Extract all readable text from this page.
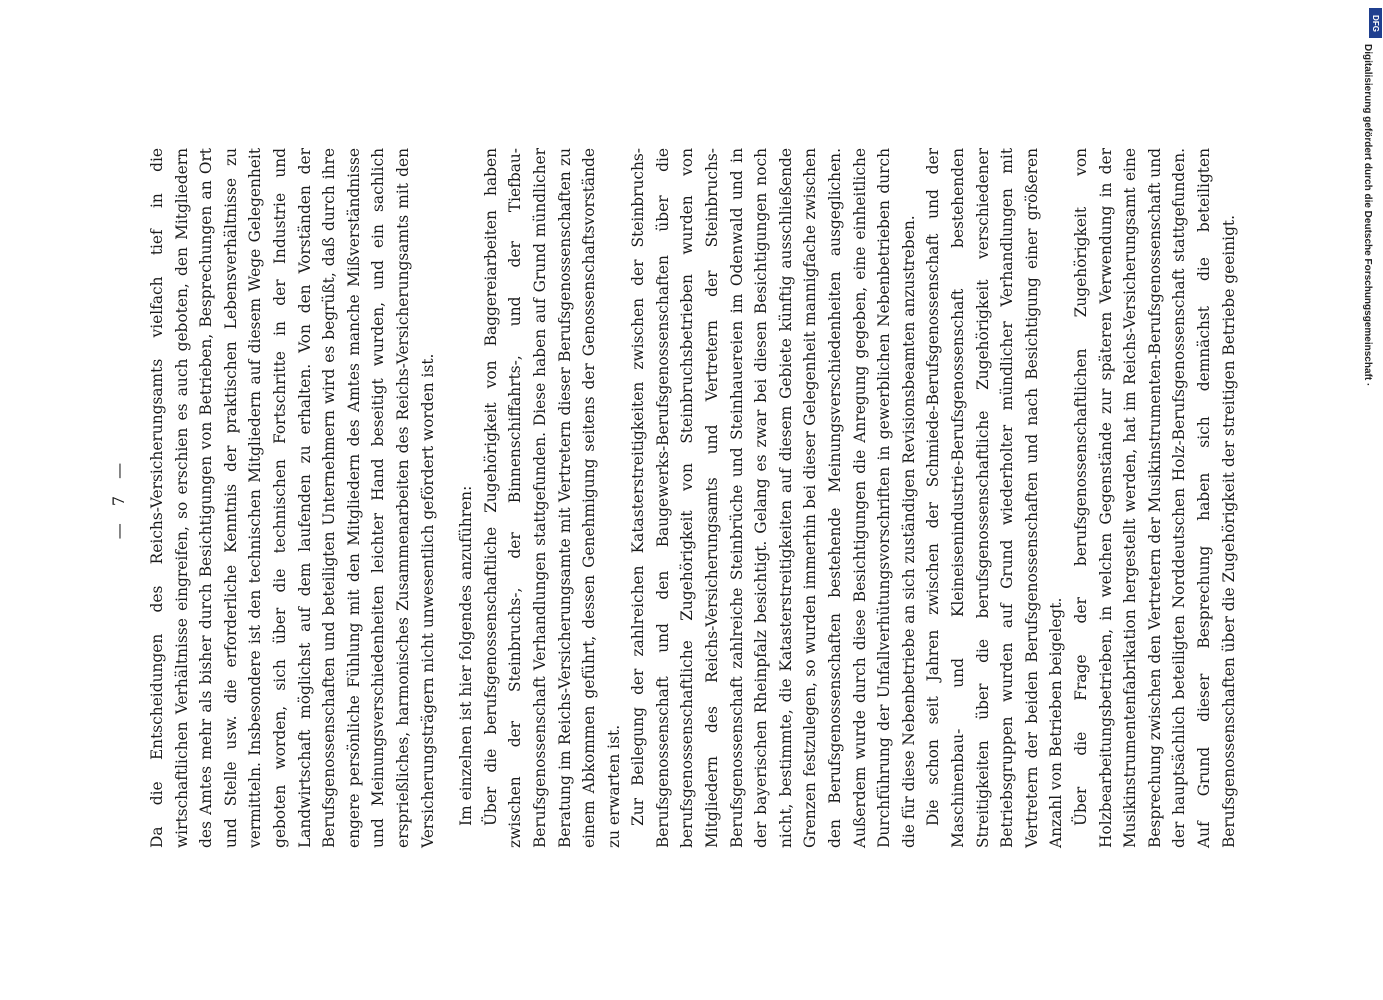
— 7 — Da die Entscheidungen des Reichs-Versicherungsamts vielfach tief in die wirtschaftlichen Verhältnisse eingreifen, so erschien es auch geboten, den Mitgliedern des Amtes mehr als bisher durch Besichtigungen von Betrieben, Besprechungen an Ort und Stelle usw. die erforderliche Kenntnis der praktischen Lebensverhältnisse zu vermitteln. Insbesondere ist den technischen Mitgliedern auf diesem Wege Gelegenheit geboten worden, sich über die technischen Fortschritte in der Industrie und Landwirtschaft möglichst auf dem laufenden zu erhalten. Von den Vorständen der Berufsgenossenschaften und beteiligten Unternehmern wird es begrüßt, daß durch ihre engere persönliche Fühlung mit den Mitgliedern des Amtes manche Mißverständnisse und Meinungsverschiedenheiten leichter Hand beseitigt wurden, und ein sachlich ersprießliches, harmonisches Zusammenarbeiten des Reichs-Versicherungsamts mit den Versicherungsträgern nicht unwesentlich gefördert worden ist. Im einzelnen ist hier folgendes anzuführen: Über die berufsgenossenschaftliche Zugehörigkeit von Baggereiarbeiten haben zwischen der Steinbruchs-, der Binnenschiffahrts-, und der Tiefbau-Berufsgenossenschaft Verhandlungen stattgefunden. Diese haben auf Grund mündlicher Beratung im Reichs-Versicherungsamte mit Vertretern dieser Berufsgenossenschaften zu einem Abkommen geführt, dessen Genehmigung seitens der Genossenschaftsvorstände zu erwarten ist. Zur Beilegung der zahlreichen Katasterstreitigkeiten zwischen der Steinbruchs-Berufsgenossenschaft und den Baugewerks-Berufsgenossenschaften über die berufsgenossenschaftliche Zugehörigkeit von Steinbruchsbetrieben wurden von Mitgliedern des Reichs-Versicherungsamts und Vertretern der Steinbruchs-Berufsgenossenschaft zahlreiche Steinbrüche und Steinhauereien im Odenwald und in der bayerischen Rheinpfalz besichtigt. Gelang es zwar bei diesen Besichtigungen noch nicht, bestimmte, die Katasterstreitigkeiten auf diesem Gebiete künftig ausschließende Grenzen festzulegen, so wurden immerhin bei dieser Gelegenheit mannigfache zwischen den Berufsgenossenschaften bestehende Meinungsverschiedenheiten ausgeglichen. Außerdem wurde durch diese Besichtigungen die Anregung gegeben, eine einheitliche Durchführung der Unfallverhütungsvorschriften in gewerblichen Nebenbetrieben durch die für diese Nebenbetriebe an sich zuständigen Revisionsbeamten anzustreben. Die schon seit Jahren zwischen der Schmiede-Berufsgenossenschaft und der Maschinenbau- und Kleineisenindustrie-Berufsgenossenschaft bestehenden Streitigkeiten über die berufsgenossenschaftliche Zugehörigkeit verschiedener Betriebsgruppen wurden auf Grund wiederholter mündlicher Verhandlungen mit Vertretern der beiden Berufsgenossenschaften und nach Besichtigung einer größeren Anzahl von Betrieben beigelegt. Über die Frage der berufsgenossenschaftlichen Zugehörigkeit von Holzbearbeitungsbetrieben, in welchen Gegenstände zur späteren Verwendung in der Musikinstrumentenfabrikation hergestellt werden, hat im Reichs-Versicherungsamt eine Besprechung zwischen den Vertretern der Musikinstrumenten-Berufsgenossenschaft und der hauptsächlich beteiligten Norddeutschen Holz-Berufsgenossenschaft stattgefunden. Auf Grund dieser Besprechung haben sich demnächst die beteiligten Berufsgenossenschaften über die Zugehörigkeit der streitigen Betriebe geeinigt.

DFG
Digitalisierung gefördert durch die Deutsche Forschungsgemeinschaft ·
